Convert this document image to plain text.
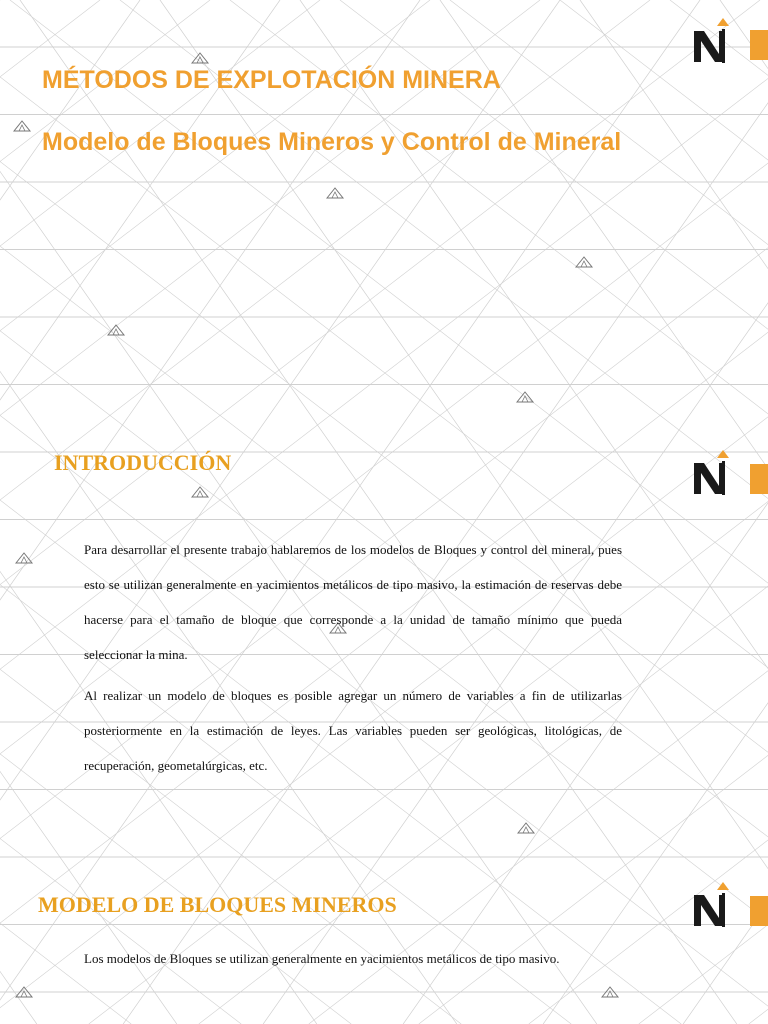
MÉTODOS DE EXPLOTACIÓN MINERA
Modelo de Bloques Mineros y Control de Mineral
INTRODUCCIÓN

Para desarrollar el presente trabajo hablaremos de los modelos de Bloques y control del mineral, pues esto se utilizan generalmente en yacimientos metálicos de tipo masivo, la estimación de reservas debe hacerse para el tamaño de bloque que corresponde a la unidad de tamaño mínimo que pueda seleccionar la mina.

Al realizar un modelo de bloques es posible agregar un número de variables a fin de utilizarlas posteriormente en la estimación de leyes. Las variables pueden ser geológicas, litológicas, de recuperación, geometalúrgicas, etc.

MODELO DE BLOQUES MINEROS

Los modelos de Bloques se utilizan generalmente en yacimientos metálicos de tipo masivo.
